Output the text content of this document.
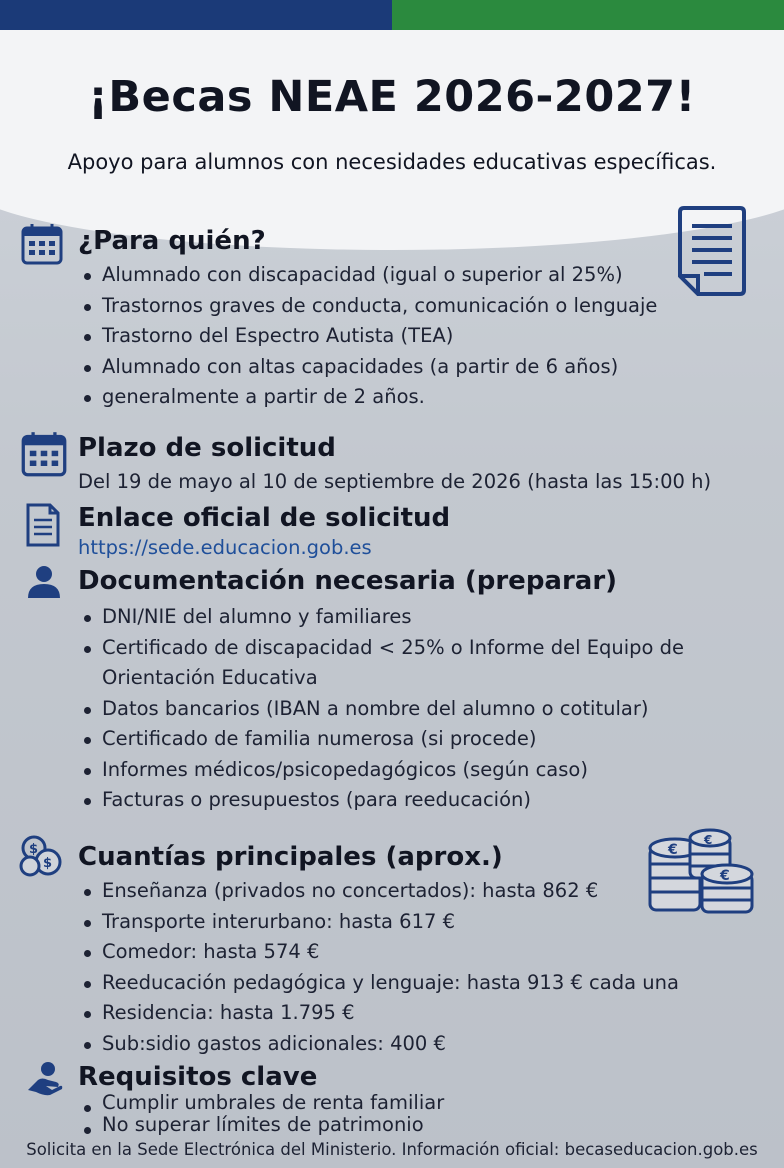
¡Becas NEAE 2026-2027!
Apoyo para alumnos con necesidades educativas específicas.
¿Para quién?
Alumnado con discapacidad (igual o superior al 25%)
Trastornos graves de conducta, comunicación o lenguaje
Trastorno del Espectro Autista (TEA)
Alumnado con altas capacidades (a partir de 6 años)
generalmente a partir de 2 años.
Plazo de solicitud
Del 19 de mayo al 10 de septiembre de 2026 (hasta las 15:00 h)
Enlace oficial de solicitud
https://sede.educacion.gob.es
Documentación necesaria (preparar)
DNI/NIE del alumno y familiares
Certificado de discapacidad < 25% o Informe del Equipo de
Orientación Educativa
Datos bancarios (IBAN a nombre del alumno o cotitular)
Certificado de familia numerosa (si procede)
Informes médicos/psicopedagógicos (según caso)
Facturas o presupuestos (para reeducación)
€
€
€
$
$ Cuantías principales (aprox.)
Enseñanza (privados no concertados): hasta 862 €
Transporte interurbano: hasta 617 €
Comedor: hasta 574 €
Reeducación pedagógica y lenguaje: hasta 913 € cada una
Residencia: hasta 1.795 €
Sub:sidio gastos adicionales: 400 €
Requisitos clave
Cumplir umbrales de renta familiar
No superar límites de patrimonio
Solicita en la Sede Electrónica del Ministerio. Información oficial: becaseducacion.gob.es
